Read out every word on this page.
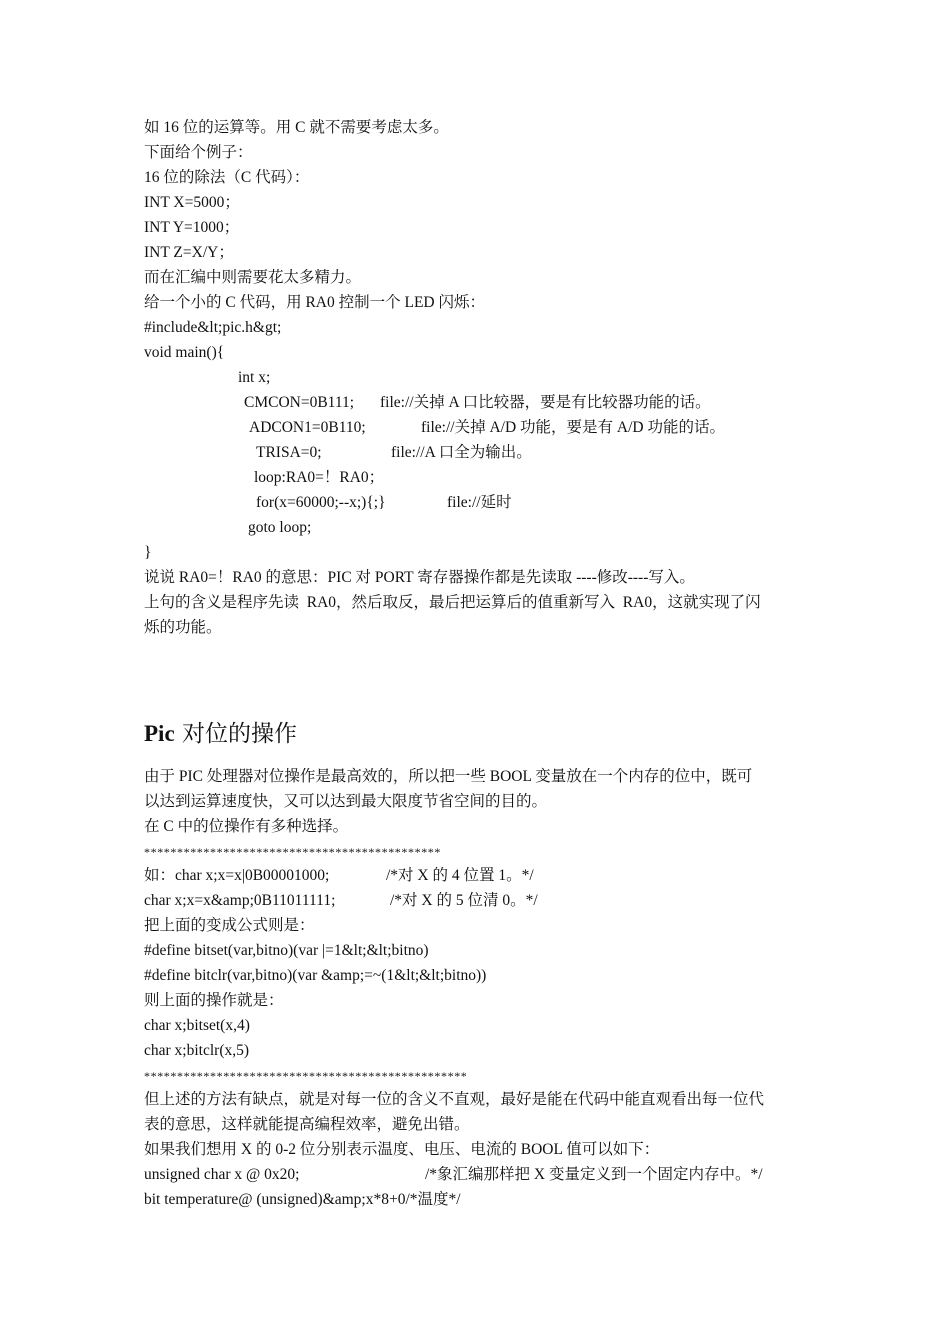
如 16 位的运算等。用 C 就不需要考虑太多。

下面给个例子：

16 位的除法（C 代码）：

INT X=5000；

INT Y=1000；

INT Z=X/Y；

而在汇编中则需要花太多精力。

给一个小的 C 代码，用 RA0 控制一个 LED 闪烁：

#include&lt;pic.h&gt;

void main(){

int x;

CMCON=0B111; file://关掉 A 口比较器，要是有比较器功能的话。

ADCON1=0B110;	file://关掉 A/D 功能，要是有 A/D 功能的话。

TRISA=0;	file://A 口全为输出。

loop:RA0=！RA0；

for(x=60000;--x;){;}	file://延时

goto loop;

}

说说 RA0=！RA0 的意思：PIC 对 PORT 寄存器操作都是先读取 ----修改----写入。

上句的含义是程序先读  RA0，然后取反，最后把运算后的值重新写入  RA0，这就实现了闪

烁的功能。

Pic 对位的操作

由于 PIC 处理器对位操作是最高效的，所以把一些 BOOL 变量放在一个内存的位中，既可

以达到运算速度快，又可以达到最大限度节省空间的目的。

在 C 中的位操作有多种选择。

*********************************************

如：char x;x=x|0B00001000;	/*对 X 的 4 位置 1。*/

char x;x=x&amp;0B11011111;	/*对 X 的 5 位清 0。*/

把上面的变成公式则是：

#define bitset(var,bitno)(var |=1&lt;&lt;bitno)

#define bitclr(var,bitno)(var &amp;=~(1&lt;&lt;bitno))

则上面的操作就是：

char x;bitset(x,4)

char x;bitclr(x,5)

*************************************************

但上述的方法有缺点，就是对每一位的含义不直观，最好是能在代码中能直观看出每一位代

表的意思，这样就能提高编程效率，避免出错。

如果我们想用 X 的 0-2 位分别表示温度、电压、电流的 BOOL 值可以如下：

unsigned char x @ 0x20;	/*象汇编那样把 X 变量定义到一个固定内存中。*/

bit temperature@ (unsigned)&amp;x*8+0/*温度*/
